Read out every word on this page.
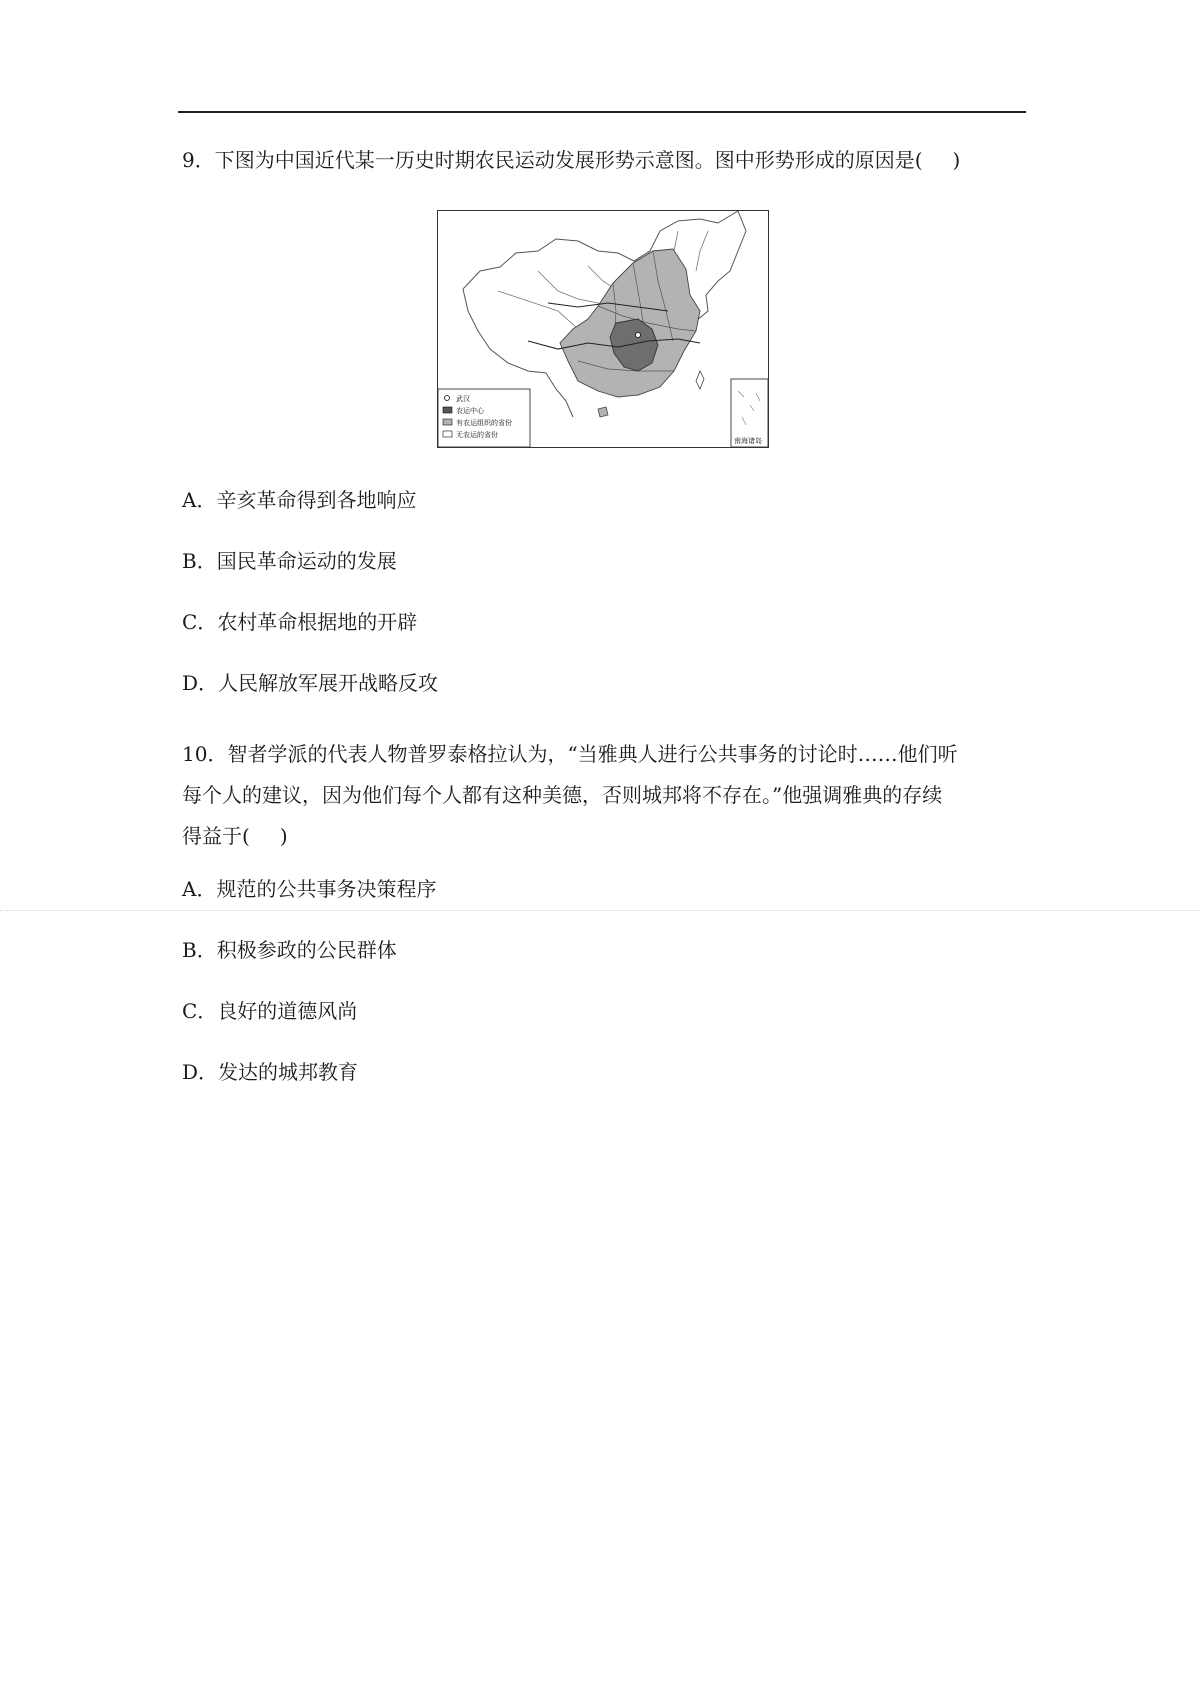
9．下图为中国近代某一历史时期农民运动发展形势示意图。图中形势形成的原因是( )
南海诸岛
武汉
农运中心
有农运组织的省份
无农运的省份
A．辛亥革命得到各地响应
B．国民革命运动的发展
C．农村革命根据地的开辟
D．人民解放军展开战略反攻
10．智者学派的代表人物普罗泰格拉认为，“当雅典人进行公共事务的讨论时……他们听
每个人的建议，因为他们每个人都有这种美德，否则城邦将不存在。”他强调雅典的存续
得益于( )
A．规范的公共事务决策程序
B．积极参政的公民群体
C．良好的道德风尚
D．发达的城邦教育
